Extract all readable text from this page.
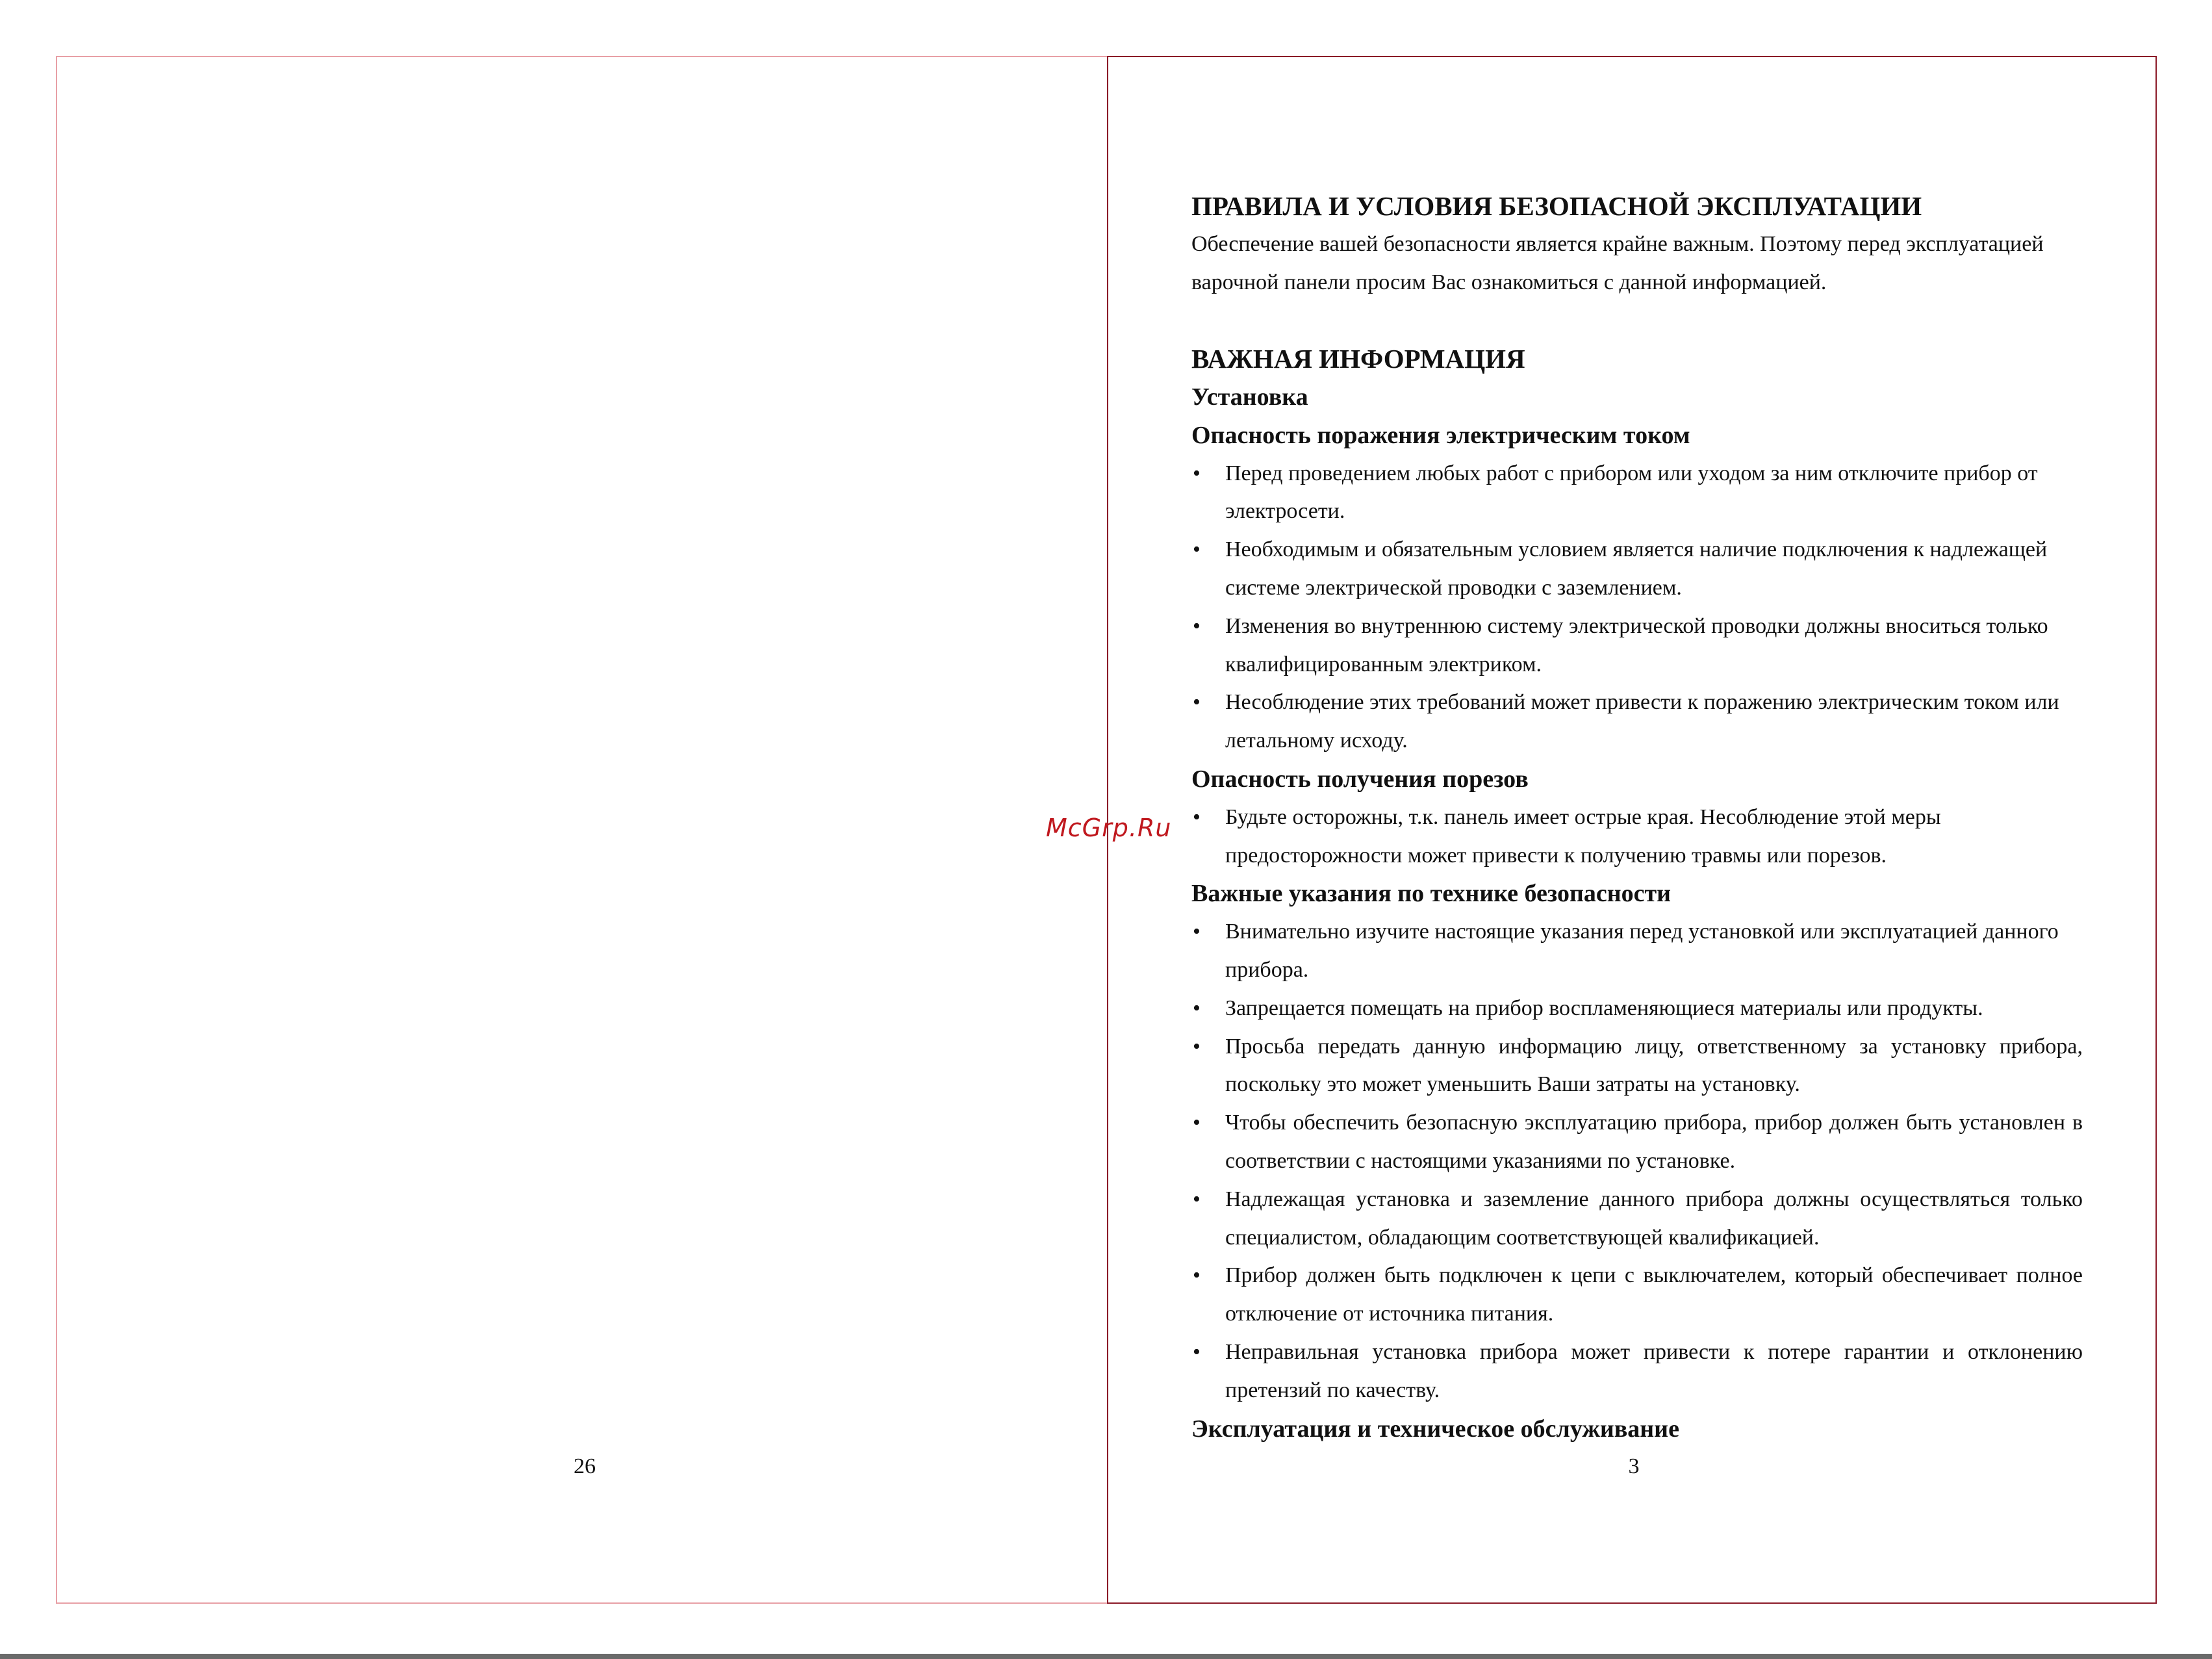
26	3
McGrp.Ru
ПРАВИЛА И УСЛОВИЯ БЕЗОПАСНОЙ ЭКСПЛУАТАЦИИ

Обеспечение вашей безопасности является крайне важным. Поэтому перед эксплуатацией варочной панели просим Вас ознакомиться с данной информацией.

ВАЖНАЯ ИНФОРМАЦИЯ
Установка
Опасность поражения электрическим током
• Перед проведением любых работ с прибором или уходом за ним отключите прибор от электросети.
• Необходимым и обязательным условием является наличие подключения к надлежащей системе электрической проводки с заземлением.
• Изменения во внутреннюю систему электрической проводки должны вноситься только квалифицированным электриком.
• Несоблюдение этих требований может привести к поражению электрическим током или летальному исходу.
Опасность получения порезов
• Будьте осторожны, т.к. панель имеет острые края. Несоблюдение этой меры предосторожности может привести к получению травмы или порезов.
Важные указания по технике безопасности
• Внимательно изучите настоящие указания перед установкой или эксплуатацией данного прибора.
• Запрещается помещать на прибор воспламеняющиеся материалы или продукты.
• Просьба передать данную информацию лицу, ответственному за установку прибора, поскольку это может уменьшить Ваши затраты на установку.
• Чтобы обеспечить безопасную эксплуатацию прибора, прибор должен быть установлен в соответствии с настоящими указаниями по установке.
• Надлежащая установка и заземление данного прибора должны осуществляться только специалистом, обладающим соответствующей квалификацией.
• Прибор должен быть подключен к цепи с выключателем, который обеспечивает полное отключение от источника питания.
• Неправильная установка прибора может привести к потере гарантии и отклонению претензий по качеству.
Эксплуатация и техническое обслуживание
